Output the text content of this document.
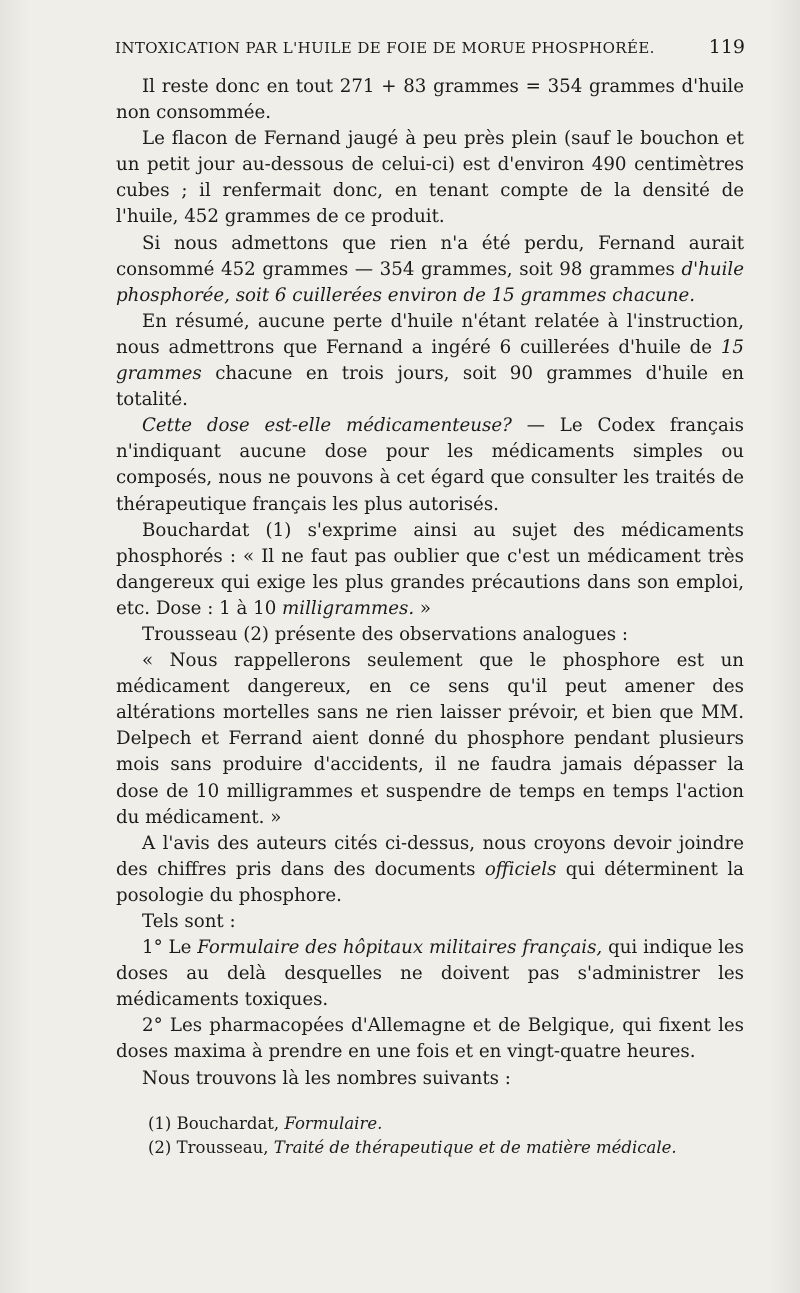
INTOXICATION PAR L'HUILE DE FOIE DE MORUE PHOSPHORÉE.	119

Il reste donc en tout 271 + 83 grammes = 354 grammes d'huile non consommée.

Le flacon de Fernand jaugé à peu près plein (sauf le bouchon et un petit jour au-dessous de celui-ci) est d'environ 490 centimètres cubes ; il renfermait donc, en tenant compte de la densité de l'huile, 452 grammes de ce produit.

Si nous admettons que rien n'a été perdu, Fernand aurait consommé 452 grammes — 354 grammes, soit 98 grammes d'huile phosphorée, soit 6 cuillerées environ de 15 grammes chacune.

En résumé, aucune perte d'huile n'étant relatée à l'instruction, nous admettrons que Fernand a ingéré 6 cuillerées d'huile de 15 grammes chacune en trois jours, soit 90 grammes d'huile en totalité.

Cette dose est-elle médicamenteuse? — Le Codex français n'indiquant aucune dose pour les médicaments simples ou composés, nous ne pouvons à cet égard que consulter les traités de thérapeutique français les plus autorisés.

Bouchardat (1) s'exprime ainsi au sujet des médicaments phosphorés : « Il ne faut pas oublier que c'est un médicament très dangereux qui exige les plus grandes précautions dans son emploi, etc. Dose : 1 à 10 milligrammes. »

Trousseau (2) présente des observations analogues :

« Nous rappellerons seulement que le phosphore est un médicament dangereux, en ce sens qu'il peut amener des altérations mortelles sans ne rien laisser prévoir, et bien que MM. Delpech et Ferrand aient donné du phosphore pendant plusieurs mois sans produire d'accidents, il ne faudra jamais dépasser la dose de 10 milligrammes et suspendre de temps en temps l'action du médicament. »

A l'avis des auteurs cités ci-dessus, nous croyons devoir joindre des chiffres pris dans des documents officiels qui déterminent la posologie du phosphore.

Tels sont :

1° Le Formulaire des hôpitaux militaires français, qui indique les doses au delà desquelles ne doivent pas s'administrer les médicaments toxiques.

2° Les pharmacopées d'Allemagne et de Belgique, qui fixent les doses maxima à prendre en une fois et en vingt-quatre heures.

Nous trouvons là les nombres suivants :

(1) Bouchardat, Formulaire.
(2) Trousseau, Traité de thérapeutique et de matière médicale.
